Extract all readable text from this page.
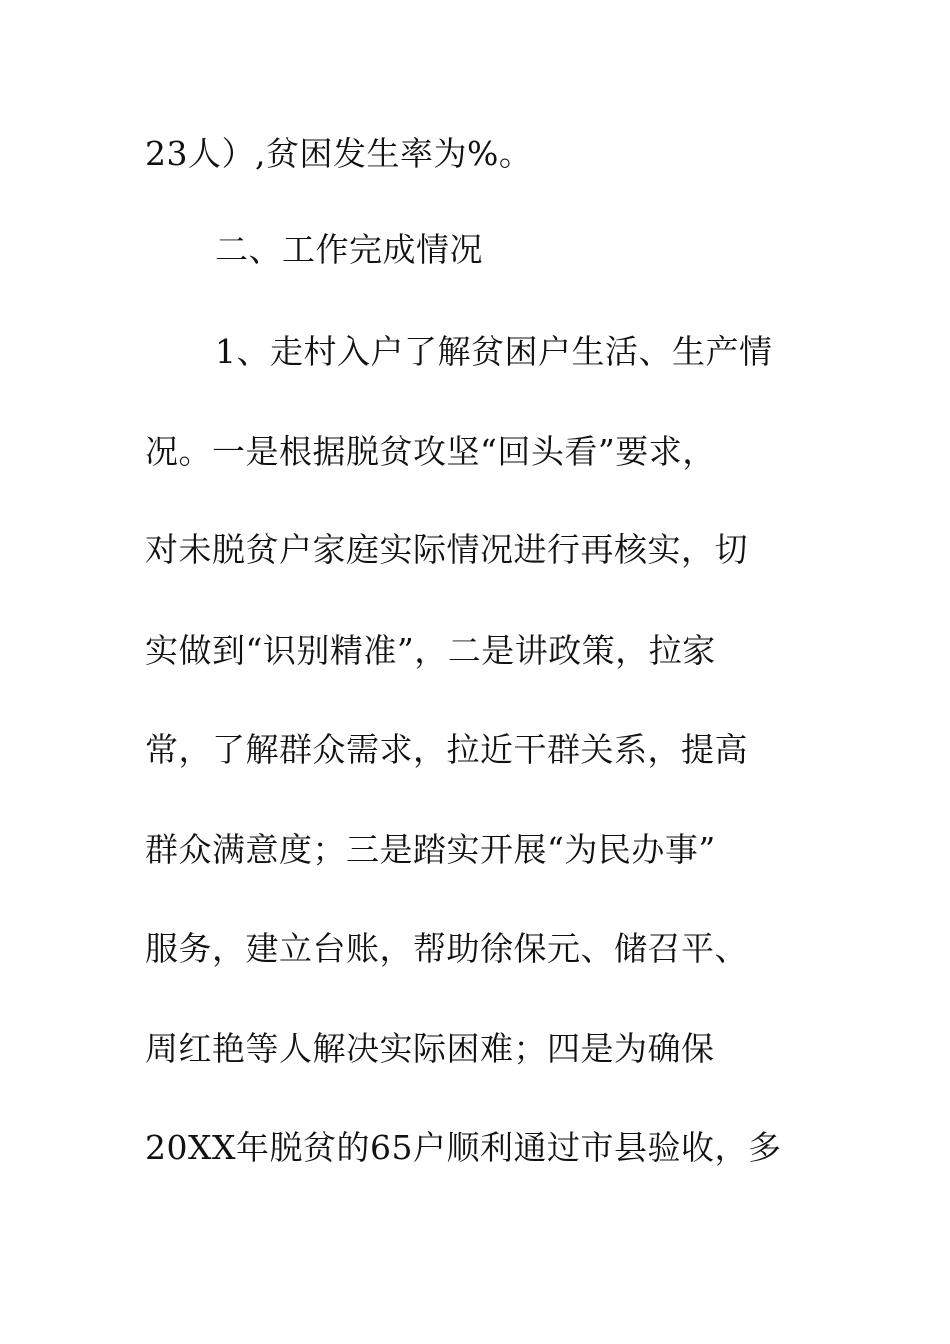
23人）,贫困发生率为%。
二、工作完成情况
1、走村入户了解贫困户生活、生产情
况。一是根据脱贫攻坚“回头看”要求，
对未脱贫户家庭实际情况进行再核实，切
实做到“识别精准”，二是讲政策，拉家
常，了解群众需求，拉近干群关系，提高
群众满意度；三是踏实开展“为民办事”
服务，建立台账，帮助徐保元、储召平、
周红艳等人解决实际困难；四是为确保
20XX年脱贫的65户顺利通过市县验收，多
